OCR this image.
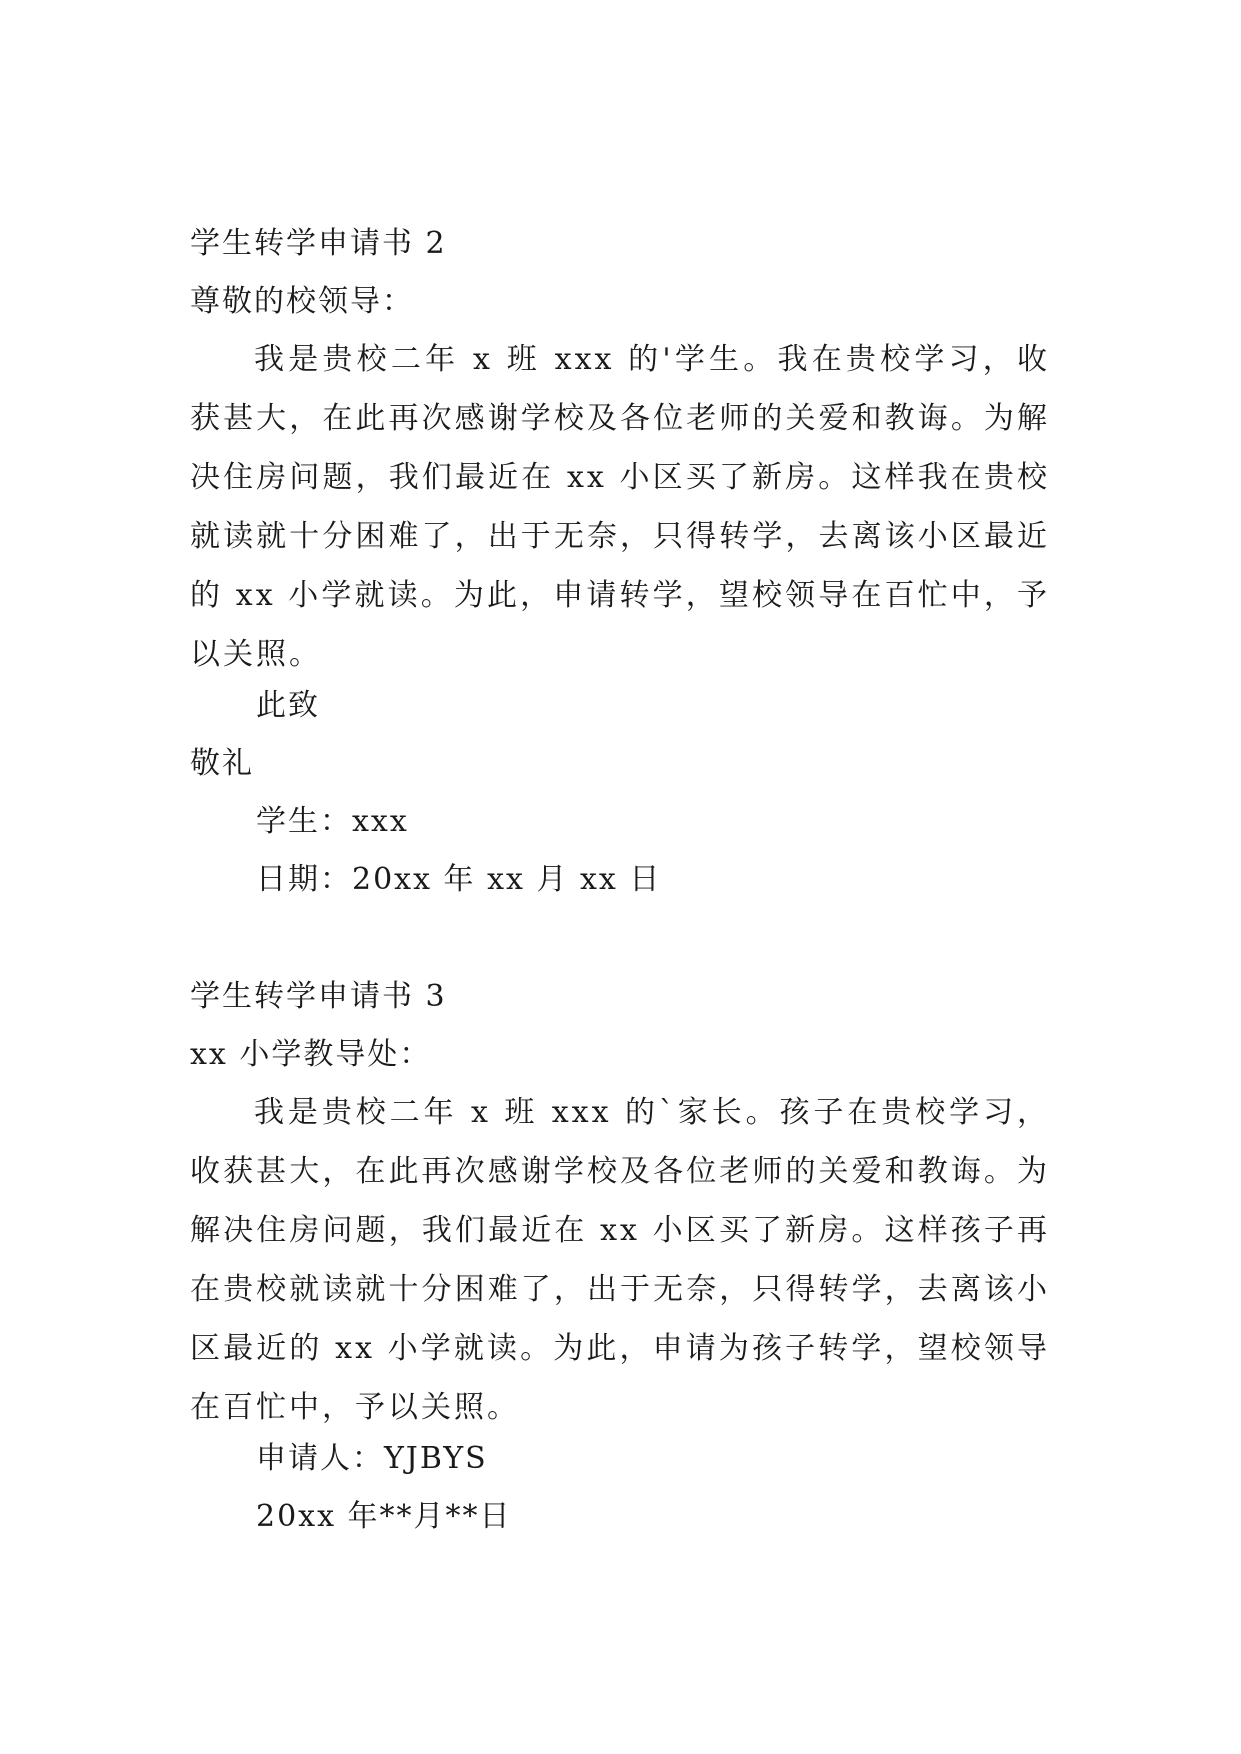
学生转学申请书 2
尊敬的校领导：
我是贵校二年 x 班 xxx 的'学生。我在贵校学习，收获甚大，在此再次感谢学校及各位老师的关爱和教诲。为解决住房问题，我们最近在 xx 小区买了新房。这样我在贵校就读就十分困难了，出于无奈，只得转学，去离该小区最近的 xx 小学就读。为此，申请转学，望校领导在百忙中，予以关照。
此致
敬礼
学生：xxx
日期：20xx 年 xx 月 xx 日
学生转学申请书 3
xx 小学教导处：
我是贵校二年 x 班 xxx 的`家长。孩子在贵校学习，收获甚大，在此再次感谢学校及各位老师的关爱和教诲。为解决住房问题，我们最近在 xx 小区买了新房。这样孩子再在贵校就读就十分困难了，出于无奈，只得转学，去离该小区最近的 xx 小学就读。为此，申请为孩子转学，望校领导在百忙中，予以关照。
申请人：YJBYS
20xx 年**月**日
